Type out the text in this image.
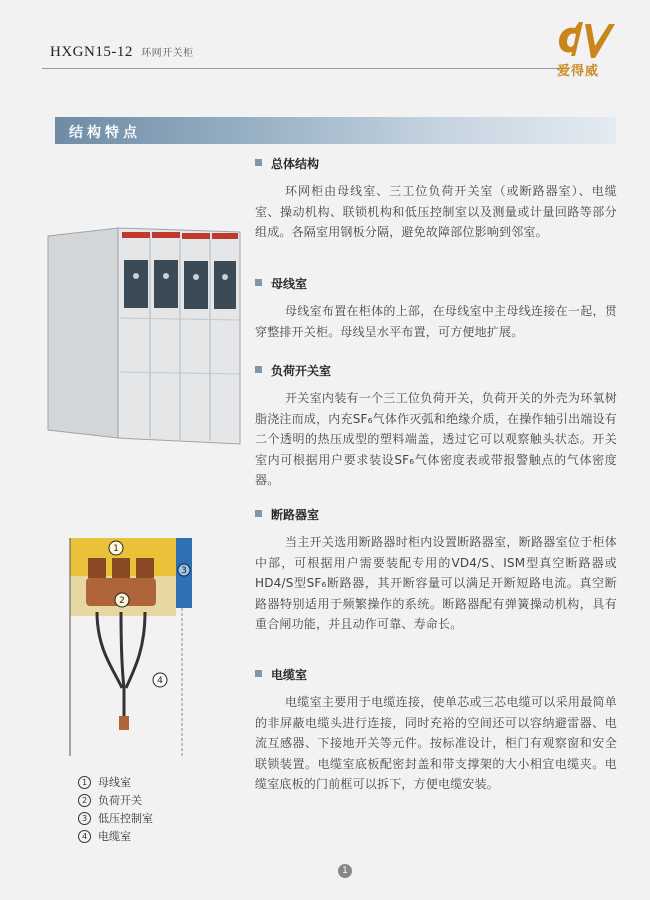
HXGN15-12 环网开关柜
爱得威
结构特点
总体结构

环网柜由母线室、三工位负荷开关室（或断路器室）、电缆室、操动机构、联锁机构和低压控制室以及测量或计量回路等部分组成。各隔室用钢板分隔，避免故障部位影响到邻室。

母线室

母线室布置在柜体的上部，在母线室中主母线连接在一起，贯穿整排开关柜。母线呈水平布置，可方便地扩展。

负荷开关室

开关室内装有一个三工位负荷开关，负荷开关的外壳为环氧树脂浇注而成，内充SF₆气体作灭弧和绝缘介质，在操作轴引出端设有二个透明的热压成型的塑料端盖，透过它可以观察触头状态。开关室内可根据用户要求装设SF₆气体密度表或带报警触点的气体密度器。

断路器室

当主开关选用断路器时柜内设置断路器室，断路器室位于柜体中部，可根据用户需要装配专用的VD4/S、ISM型真空断路器或HD4/S型SF₆断路器，其开断容量可以满足开断短路电流。真空断路器特别适用于频繁操作的系统。断路器配有弹簧操动机构，具有重合闸功能，并且动作可靠、寿命长。

电缆室

电缆室主要用于电缆连接，使单芯或三芯电缆可以采用最简单的非屏蔽电缆头进行连接，同时充裕的空间还可以容纳避雷器、电流互感器、下接地开关等元件。按标准设计，柜门有观察窗和安全联锁装置。电缆室底板配密封盖和带支撑架的大小相宜电缆夹。电缆室底板的门前框可以拆下，方便电缆安装。

1
2
3
4
1 母线室
2 负荷开关
3 低压控制室
4 电缆室
1
